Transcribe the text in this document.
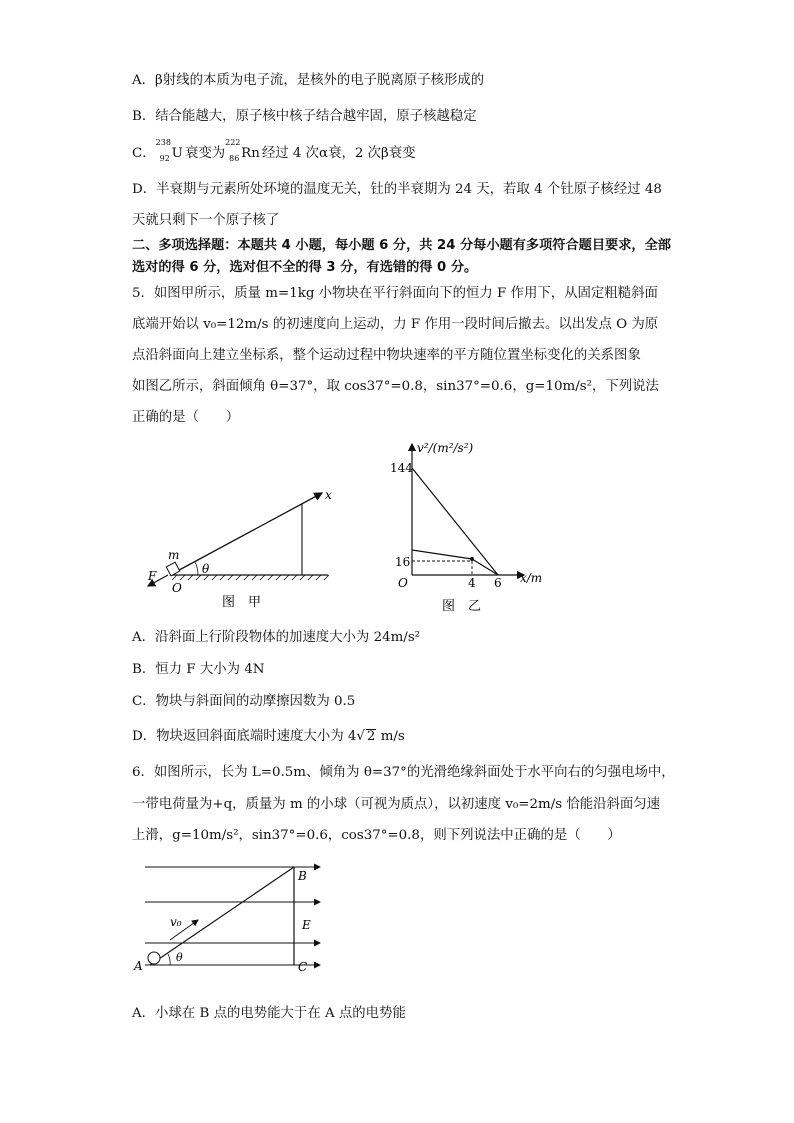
A．β射线的本质为电子流，是核外的电子脱离原子核形成的
B．结合能越大，原子核中核子结合越牢固，原子核越稳定
C．
238
92 U 衰变为
222
86 Rn 经过 4 次α衰，2 次β衰变
D．半衰期与元素所处环境的温度无关，钍的半衰期为 24 天，若取 4 个钍原子核经过 48
天就只剩下一个原子核了
二、多项选择题：本题共 4 小题，每小题 6 分，共 24 分每小题有多项符合题目要求，全部
选对的得 6 分，选对但不全的得 3 分，有选错的得 0 分。
5．如图甲所示，质量 m=1kg 小物块在平行斜面向下的恒力 F 作用下，从固定粗糙斜面
底端开始以 v₀=12m/s 的初速度向上运动，力 F 作用一段时间后撤去。以出发点 O 为原
点沿斜面向上建立坐标系，整个运动过程中物块速率的平方随位置坐标变化的关系图象
如图乙所示，斜面倾角 θ=37°，取 cos37°=0.8，sin37°=0.6，g=10m/s²，下列说法
正确的是（　　）
x
m
F
O
θ
图　甲
v²/(m²/s²)
x/m
144
16
O	4 6
图　乙
A．沿斜面上行阶段物体的加速度大小为 24m/s²
B．恒力 F 大小为 4N
C．物块与斜面间的动摩擦因数为 0.5
D．物块返回斜面底端时速度大小为 4√ 2 m/s
6．如图所示，长为 L=0.5m、倾角为 θ=37°的光滑绝缘斜面处于水平向右的匀强电场中，
一带电荷量为+q，质量为 m 的小球（可视为质点），以初速度 v₀=2m/s 恰能沿斜面匀速
上滑，g=10m/s²，sin37°=0.6，cos37°=0.8，则下列说法中正确的是（　　）
B
E
C
A
v₀
θ
A．小球在 B 点的电势能大于在 A 点的电势能
